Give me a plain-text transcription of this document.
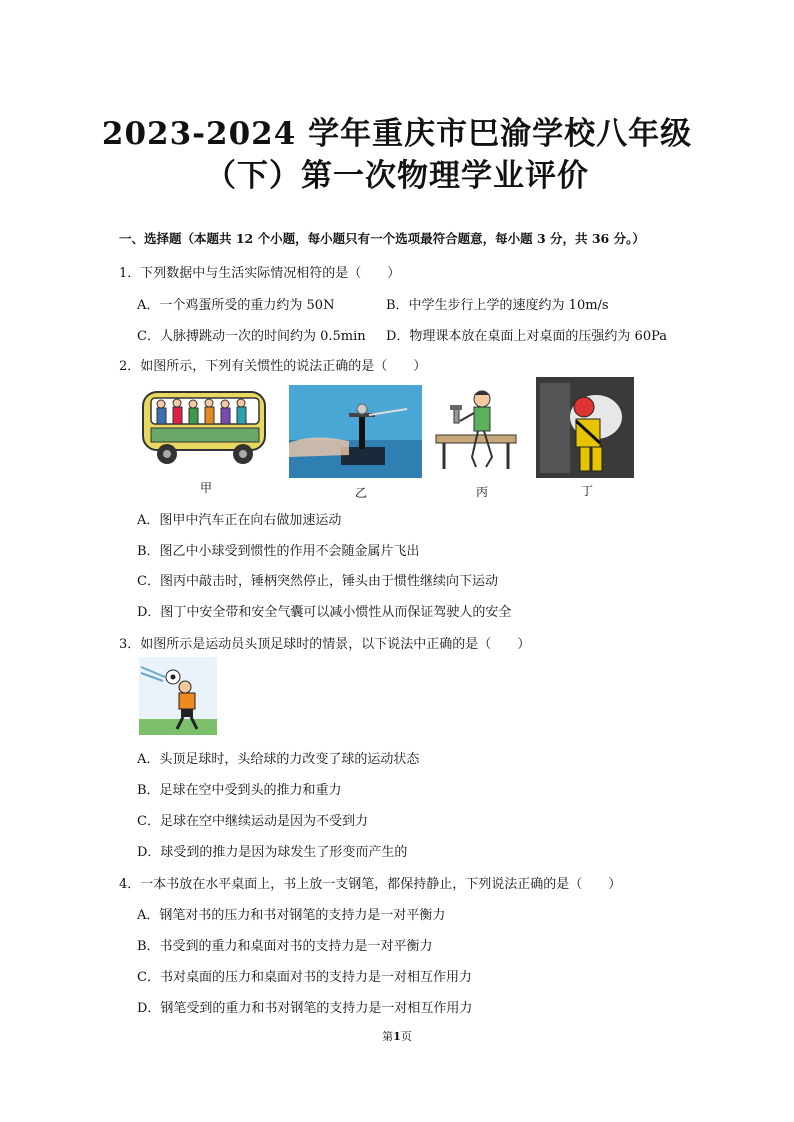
2023-2024 学年重庆市巴渝学校八年级
（下）第一次物理学业评价
一、选择题（本题共 12 个小题，每小题只有一个选项最符合题意，每小题 3 分，共 36 分。）
1．下列数据中与生活实际情况相符的是（　　）
A．一个鸡蛋所受的重力约为 50N	B．中学生步行上学的速度约为 10m/s
C．人脉搏跳动一次的时间约为 0.5min D．物理课本放在桌面上对桌面的压强约为 60Pa
2．如图所示，下列有关惯性的说法正确的是（　　）
甲	乙	丙	丁
A．图甲中汽车正在向右做加速运动
B．图乙中小球受到惯性的作用不会随金属片飞出
C．图丙中敲击时，锤柄突然停止，锤头由于惯性继续向下运动
D．图丁中安全带和安全气囊可以减小惯性从而保证驾驶人的安全
3．如图所示是运动员头顶足球时的情景，以下说法中正确的是（　　）
A．头顶足球时，头给球的力改变了球的运动状态
B．足球在空中受到头的推力和重力
C．足球在空中继续运动是因为不受到力
D．球受到的推力是因为球发生了形变而产生的
4．一本书放在水平桌面上，书上放一支钢笔，都保持静止，下列说法正确的是（　　）
A．钢笔对书的压力和书对钢笔的支持力是一对平衡力
B．书受到的重力和桌面对书的支持力是一对平衡力
C．书对桌面的压力和桌面对书的支持力是一对相互作用力
D．钢笔受到的重力和书对钢笔的支持力是一对相互作用力
第1页
